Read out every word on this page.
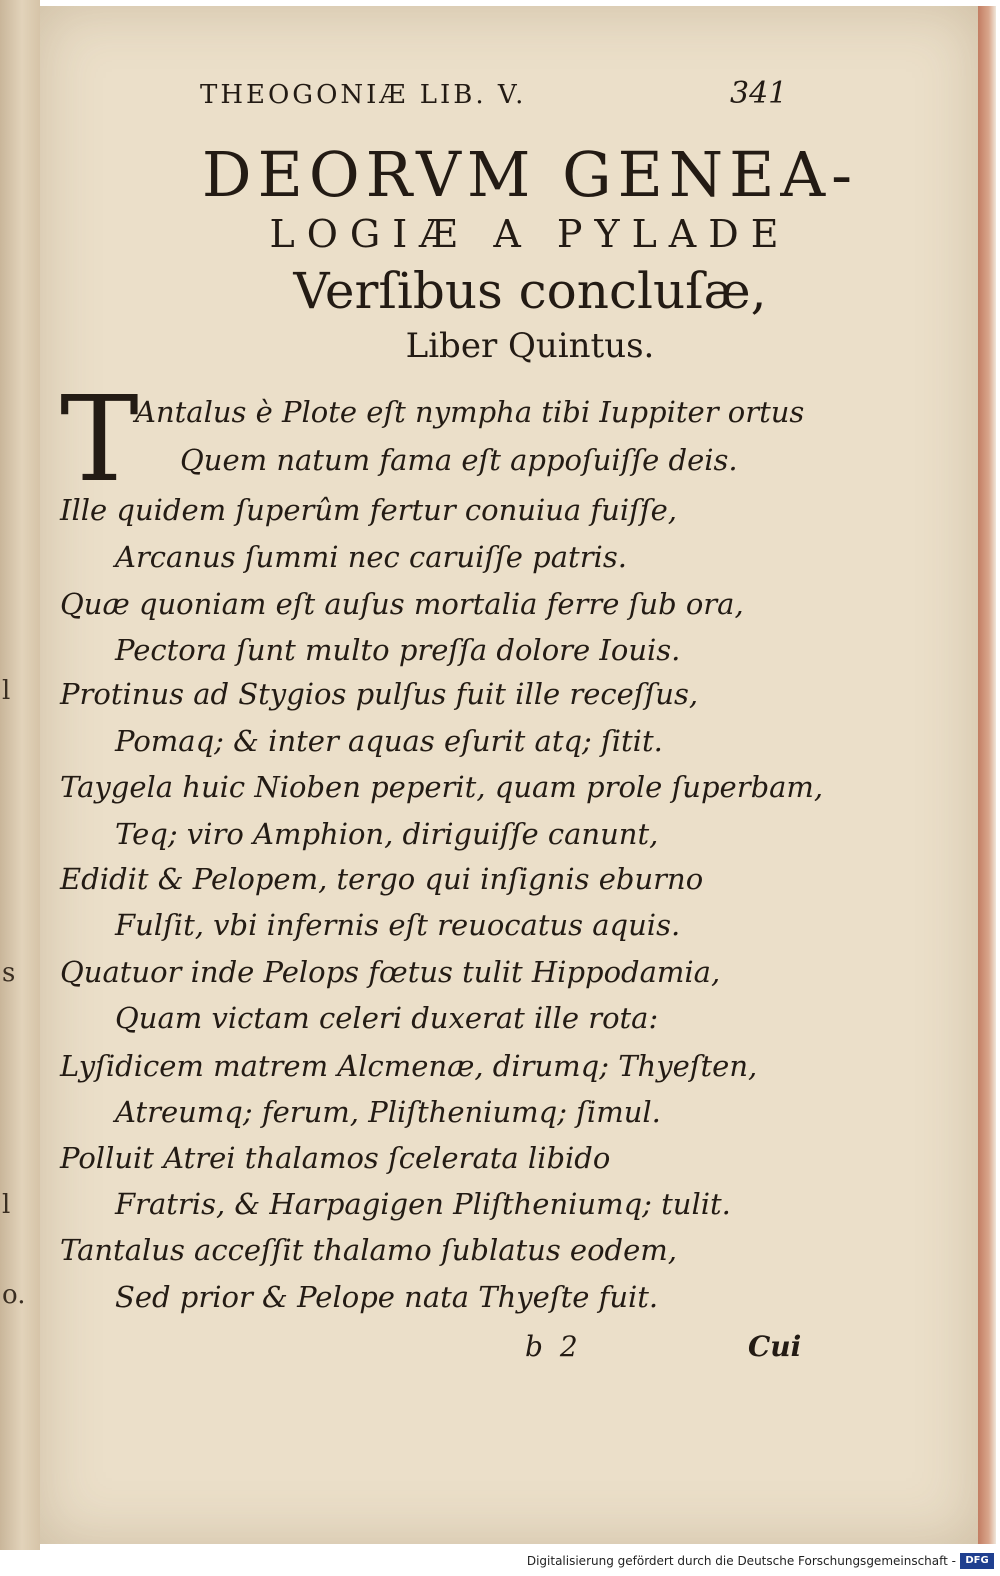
l
s
l
o.
THEOGONIÆ LIB. V.	341
DEORVM GENEA-
LOGIÆ A PYLADE
Verſibus concluſæ,
Liber Quintus.
T

Antalus è Plote eſt nympha tibi Iuppiter ortus

Quem natum fama eſt appoſuiſſe deis.

Ille quidem ſuperûm fertur conuiua fuiſſe,

Arcanus ſummi nec caruiſſe patris.

Quæ quoniam eſt auſus mortalia ferre ſub ora,

Pectora ſunt multo preſſa dolore Iouis.

Protinus ad Stygios pulſus fuit ille receſſus,

Pomaq; & inter aquas eſurit atq; ſitit.

Taygela huic Nioben peperit, quam prole ſuperbam,

Teq; viro Amphion, diriguiſſe canunt,

Edidit & Pelopem, tergo qui inſignis eburno

Fulſit, vbi infernis eſt reuocatus aquis.

Quatuor inde Pelops fœtus tulit Hippodamia,

Quam victam celeri duxerat ille rota:

Lyſidicem matrem Alcmenæ, dirumq; Thyeſten,

Atreumq; ferum, Pliſtheniumq; ſimul.

Polluit Atrei thalamos ſcelerata libido

Fratris, & Harpagigen Pliſtheniumq; tulit.

Tantalus acceſſit thalamo ſublatus eodem,

Sed prior & Pelope nata Thyeſte fuit.

b 2	Cui
Digitalisierung gefördert durch die Deutsche Forschungsgemeinschaft - DFG
